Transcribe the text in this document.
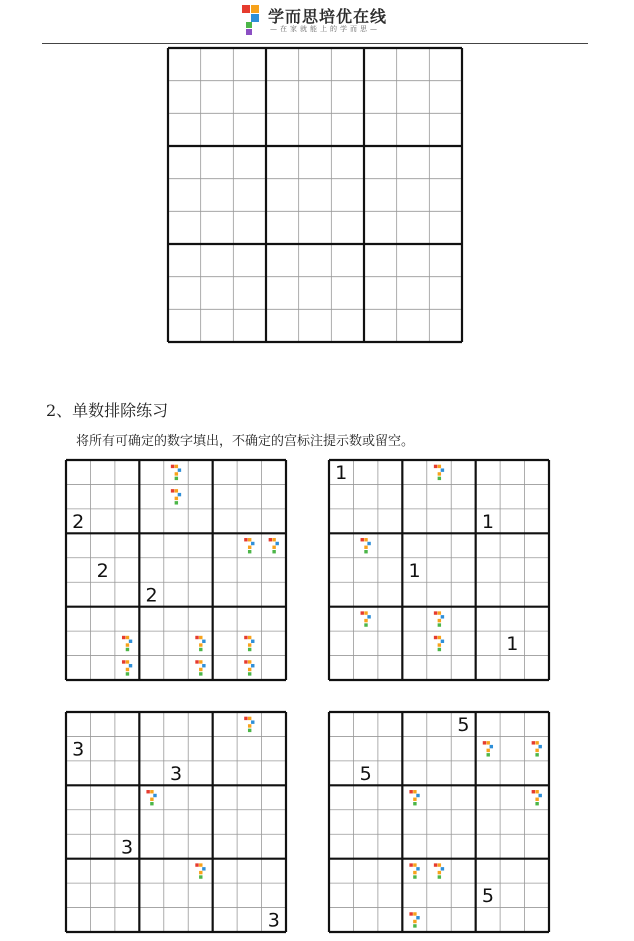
学而思培优在线
—在家就能上的学而思—
2、单数排除练习
将所有可确定的数字填出，不确定的宫标注提示数或留空。
2
2
2
1
1
1
1
3
3
3
3
5
5
5
